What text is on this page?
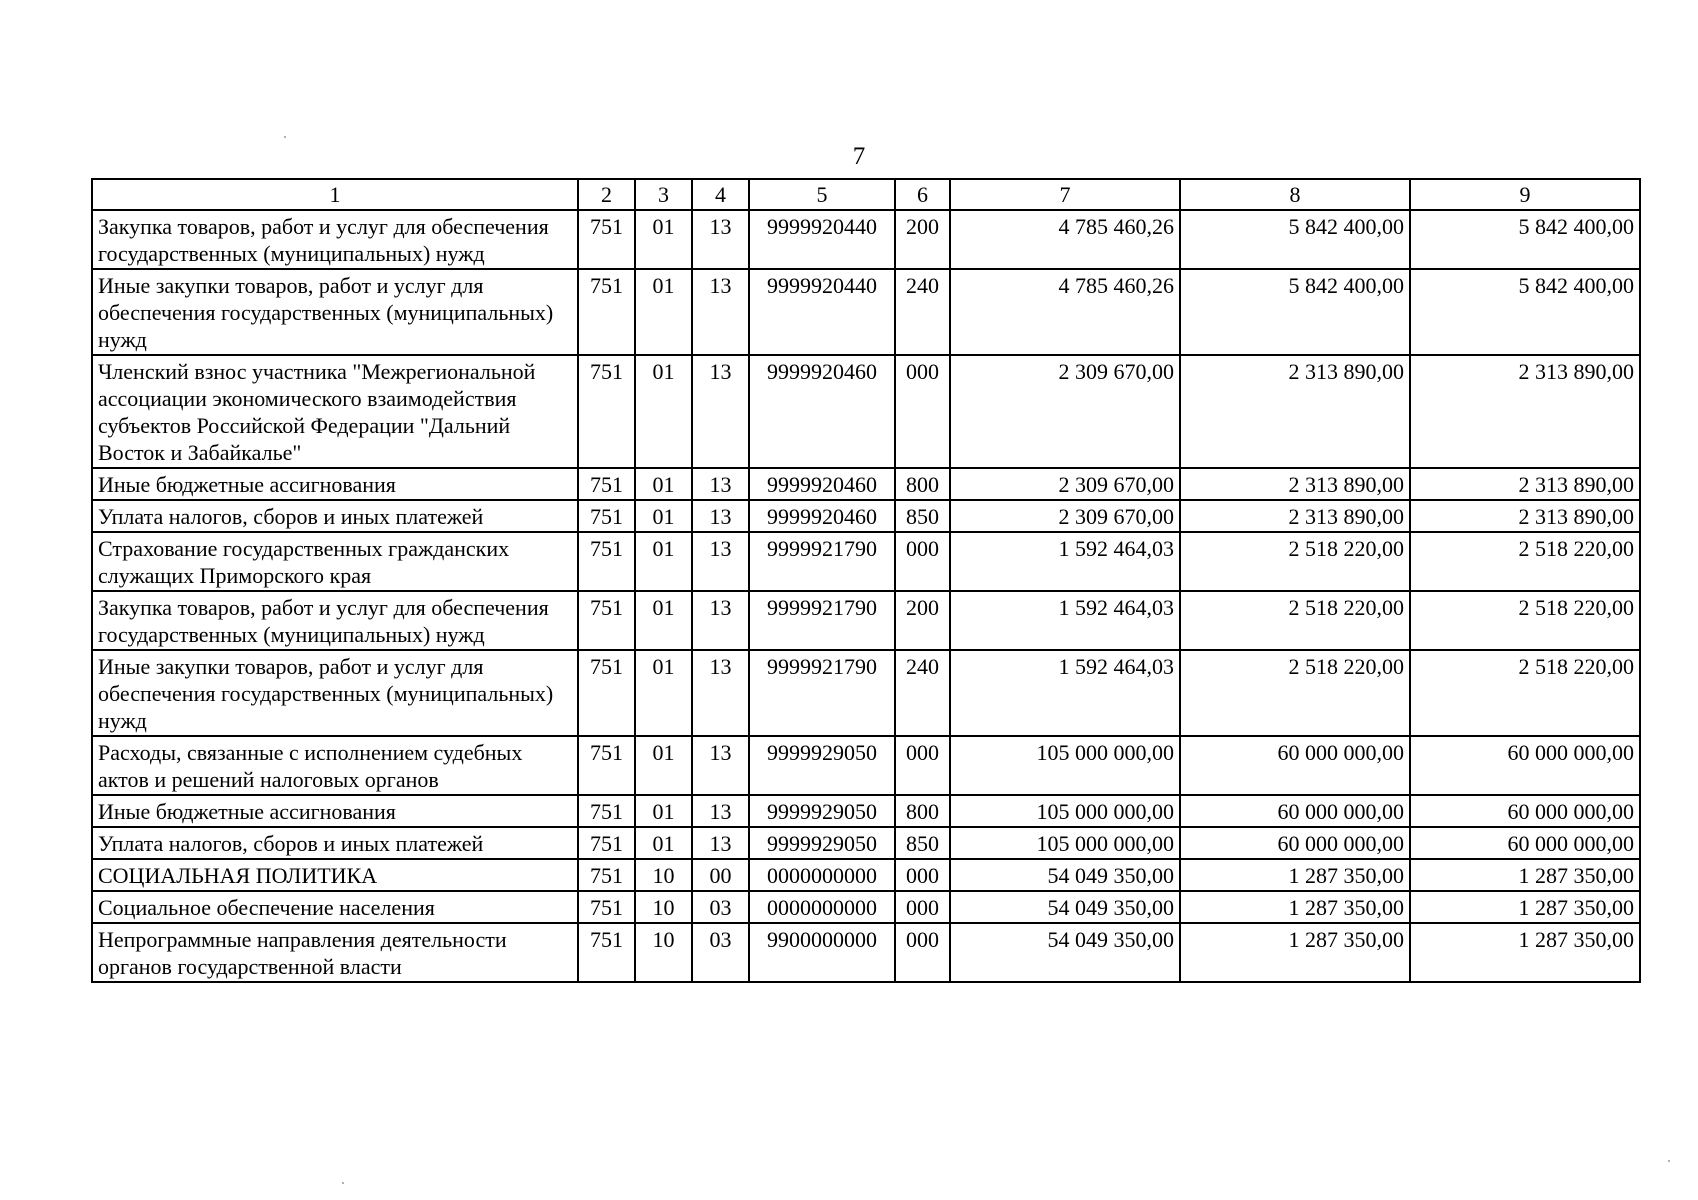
7
1	2	3	4	5	6	7	8	9
Закупка товаров, работ и услуг для обеспечения государственных (муниципальных) нужд	751	01	13	9999920440	200	4 785 460,26	5 842 400,00	5 842 400,00
Иные закупки товаров, работ и услуг для обеспечения государственных (муниципальных) нужд	751	01	13	9999920440	240	4 785 460,26	5 842 400,00	5 842 400,00
Членский взнос участника "Межрегиональной ассоциации экономического взаимодействия субъектов Российской Федерации "Дальний Восток и Забайкалье"	751	01	13	9999920460	000	2 309 670,00	2 313 890,00	2 313 890,00
Иные бюджетные ассигнования	751	01	13	9999920460	800	2 309 670,00	2 313 890,00	2 313 890,00
Уплата налогов, сборов и иных платежей	751	01	13	9999920460	850	2 309 670,00	2 313 890,00	2 313 890,00
Страхование государственных гражданских служащих Приморского края	751	01	13	9999921790	000	1 592 464,03	2 518 220,00	2 518 220,00
Закупка товаров, работ и услуг для обеспечения государственных (муниципальных) нужд	751	01	13	9999921790	200	1 592 464,03	2 518 220,00	2 518 220,00
Иные закупки товаров, работ и услуг для обеспечения государственных (муниципальных) нужд	751	01	13	9999921790	240	1 592 464,03	2 518 220,00	2 518 220,00
Расходы, связанные с исполнением судебных актов и решений налоговых органов	751	01	13	9999929050	000	105 000 000,00	60 000 000,00	60 000 000,00
Иные бюджетные ассигнования	751	01	13	9999929050	800	105 000 000,00	60 000 000,00	60 000 000,00
Уплата налогов, сборов и иных платежей	751	01	13	9999929050	850	105 000 000,00	60 000 000,00	60 000 000,00
СОЦИАЛЬНАЯ ПОЛИТИКА	751	10	00	0000000000	000	54 049 350,00	1 287 350,00	1 287 350,00
Социальное обеспечение населения	751	10	03	0000000000	000	54 049 350,00	1 287 350,00	1 287 350,00
Непрограммные направления деятельности органов государственной власти	751	10	03	9900000000	000	54 049 350,00	1 287 350,00	1 287 350,00
